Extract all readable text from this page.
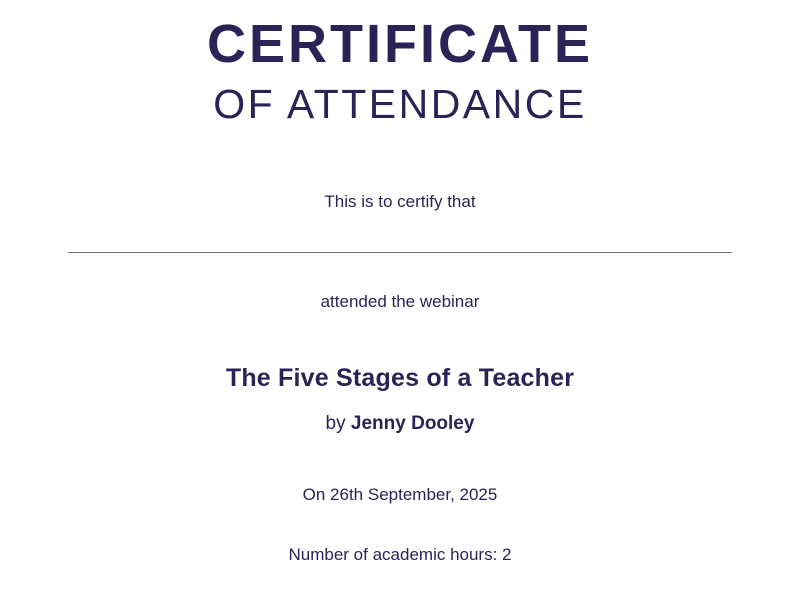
CERTIFICATE
OF ATTENDANCE
This is to certify that
attended the webinar
The Five Stages of a Teacher
by Jenny Dooley
On 26th September, 2025
Number of academic hours: 2
